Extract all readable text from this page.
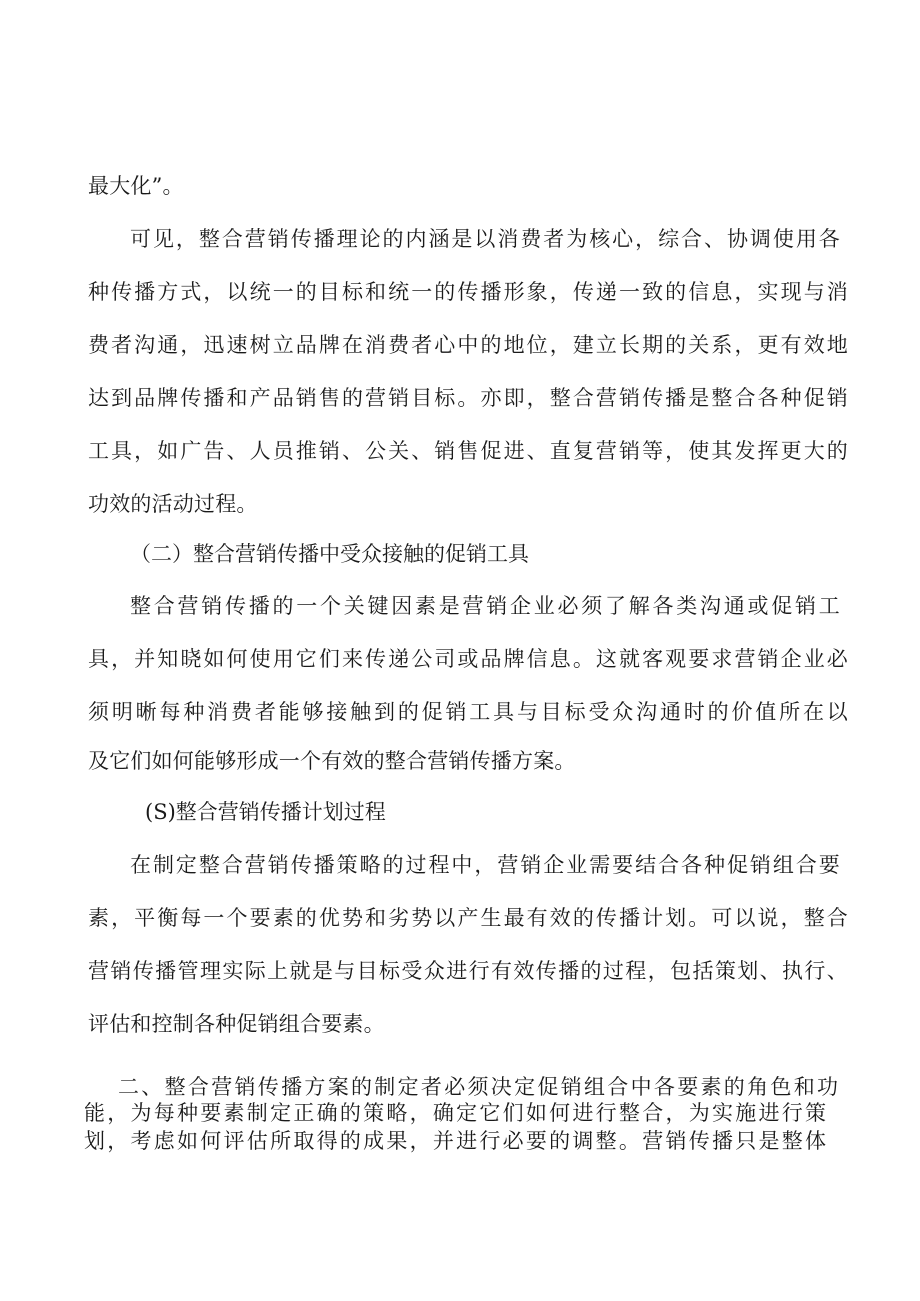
最大化”。
可见，整合营销传播理论的内涵是以消费者为核心，综合、协调使用各
种传播方式，以统一的目标和统一的传播形象，传递一致的信息，实现与消
费者沟通，迅速树立品牌在消费者心中的地位，建立长期的关系，更有效地
达到品牌传播和产品销售的营销目标。亦即，整合营销传播是整合各种促销
工具，如广告、人员推销、公关、销售促进、直复营销等，使其发挥更大的
功效的活动过程。
（二）整合营销传播中受众接触的促销工具
整合营销传播的一个关键因素是营销企业必须了解各类沟通或促销工
具，并知晓如何使用它们来传递公司或品牌信息。这就客观要求营销企业必
须明晰每种消费者能够接触到的促销工具与目标受众沟通时的价值所在以
及它们如何能够形成一个有效的整合营销传播方案。
(S)整合营销传播计划过程
在制定整合营销传播策略的过程中，营销企业需要结合各种促销组合要
素，平衡每一个要素的优势和劣势以产生最有效的传播计划。可以说，整合
营销传播管理实际上就是与目标受众进行有效传播的过程，包括策划、执行、
评估和控制各种促销组合要素。
二、整合营销传播方案的制定者必须决定促销组合中各要素的角色和功
能，为每种要素制定正确的策略，确定它们如何进行整合，为实施进行策
划，考虑如何评估所取得的成果，并进行必要的调整。营销传播只是整体
